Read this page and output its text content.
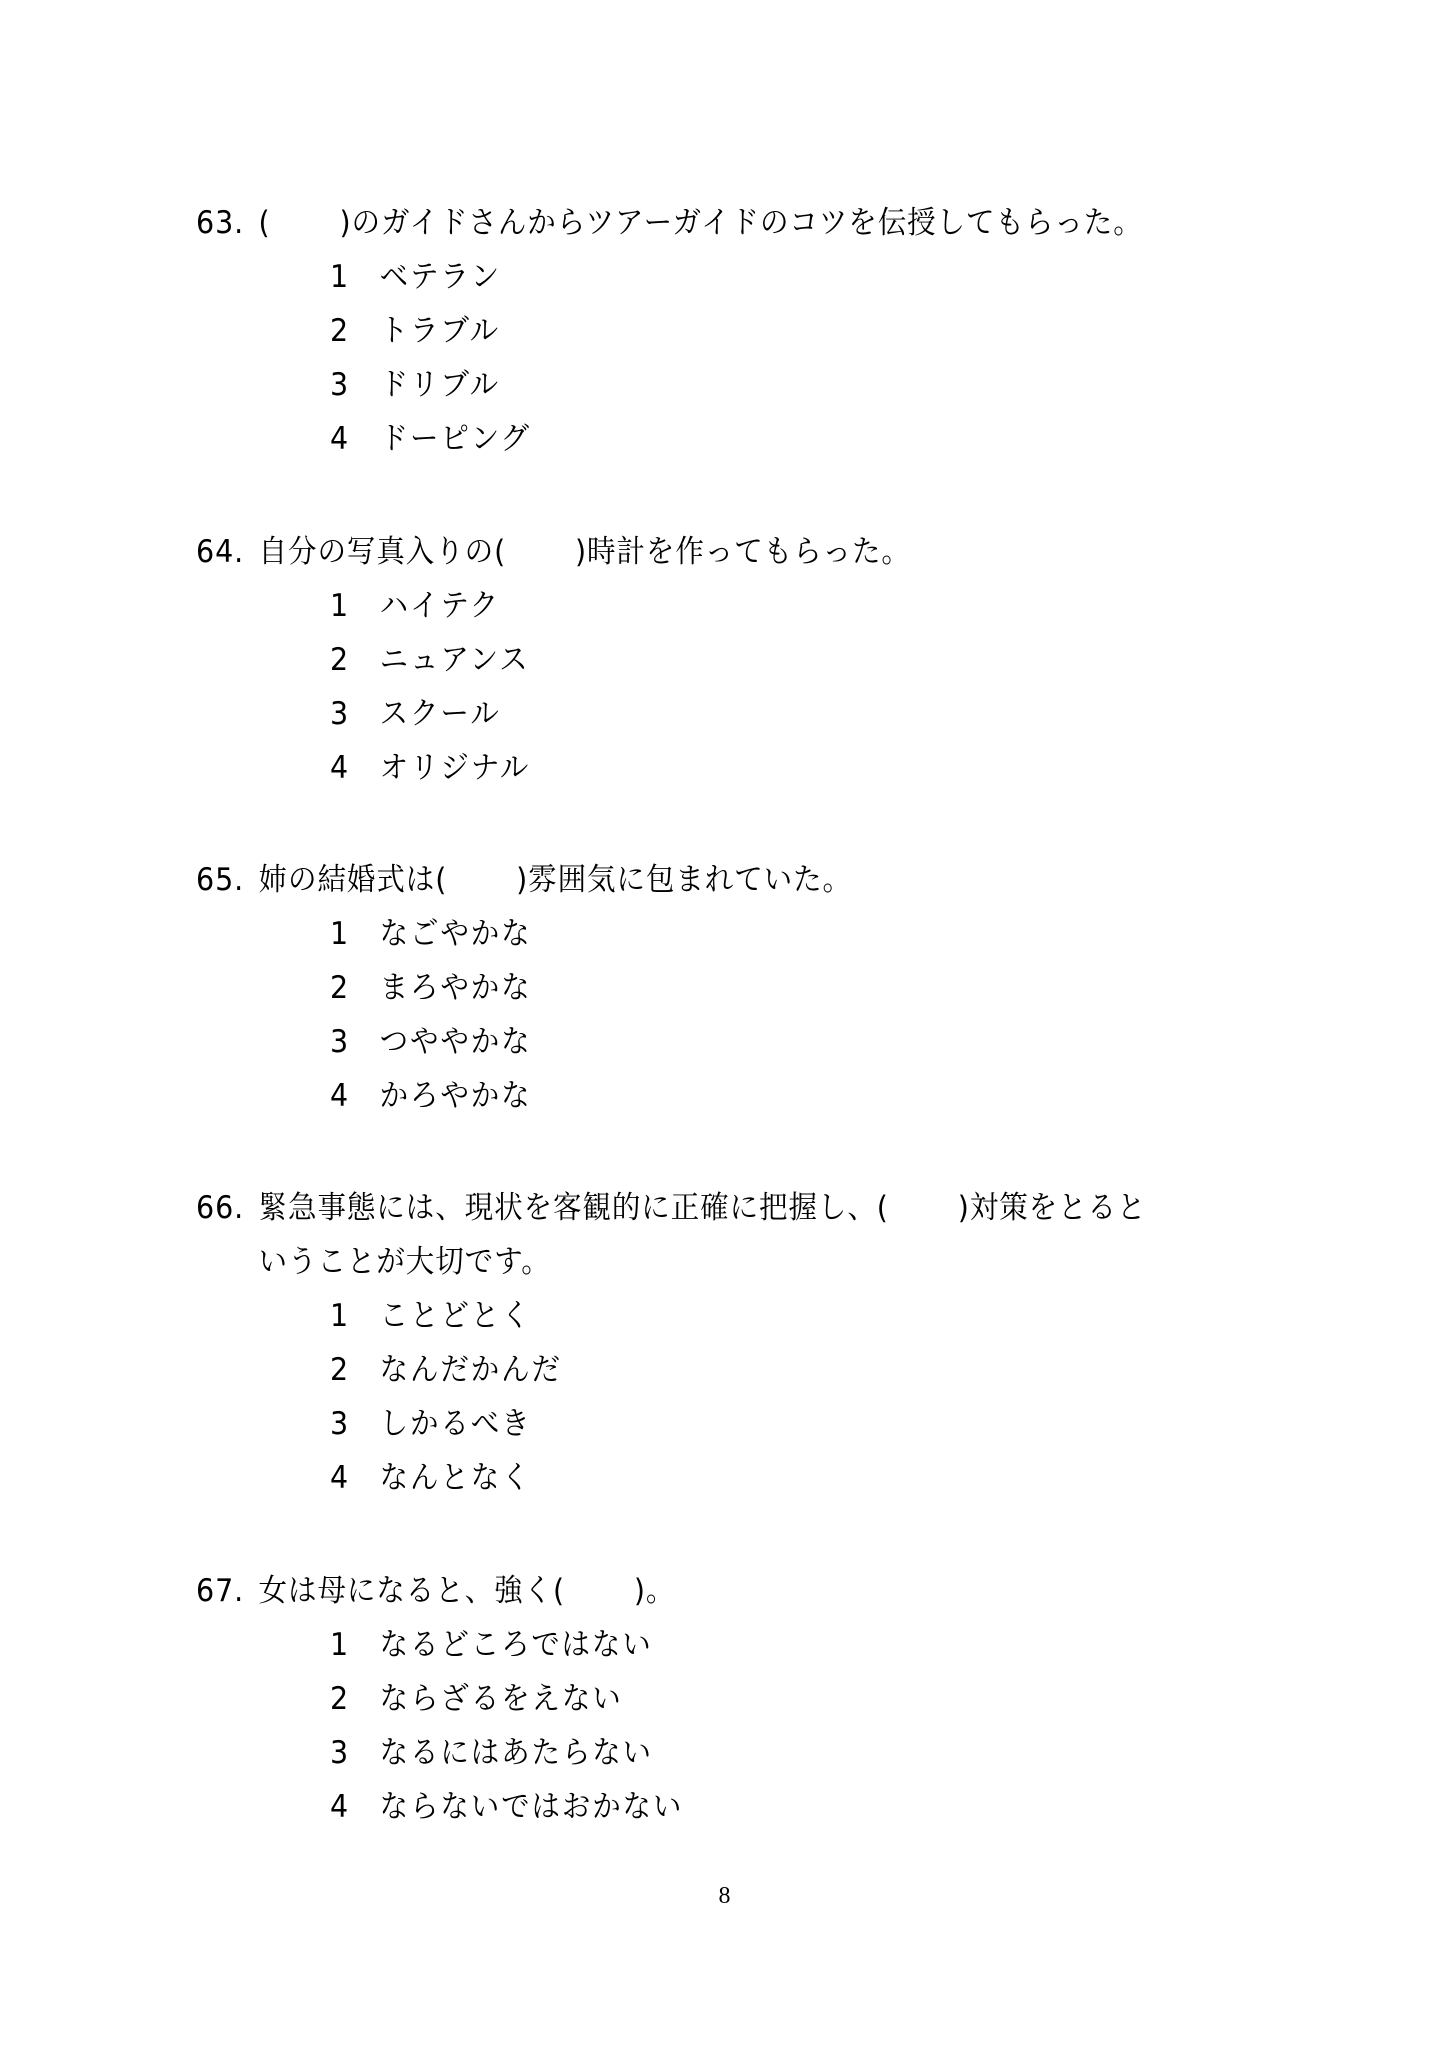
63. (　　 )のガイドさんからツアーガイドのコツを伝授してもらった。
1 ベテラン
2 トラブル
3 ドリブル
4 ドーピング
64. 自分の写真入りの(　　 )時計を作ってもらった。
1 ハイテク
2 ニュアンス
3 スクール
4 オリジナル
65. 姉の結婚式は(　　 )雰囲気に包まれていた。
1 なごやかな
2 まろやかな
3 つややかな
4 かろやかな
66. 緊急事態には、現状を客観的に正確に把握し、(　　 )対策をとると
いうことが大切です。
1 ことどとく
2 なんだかんだ
3 しかるべき
4 なんとなく
67. 女は母になると、強く(　　 )。
1 なるどころではない
2 ならざるをえない
3 なるにはあたらない
4 ならないではおかない
8
